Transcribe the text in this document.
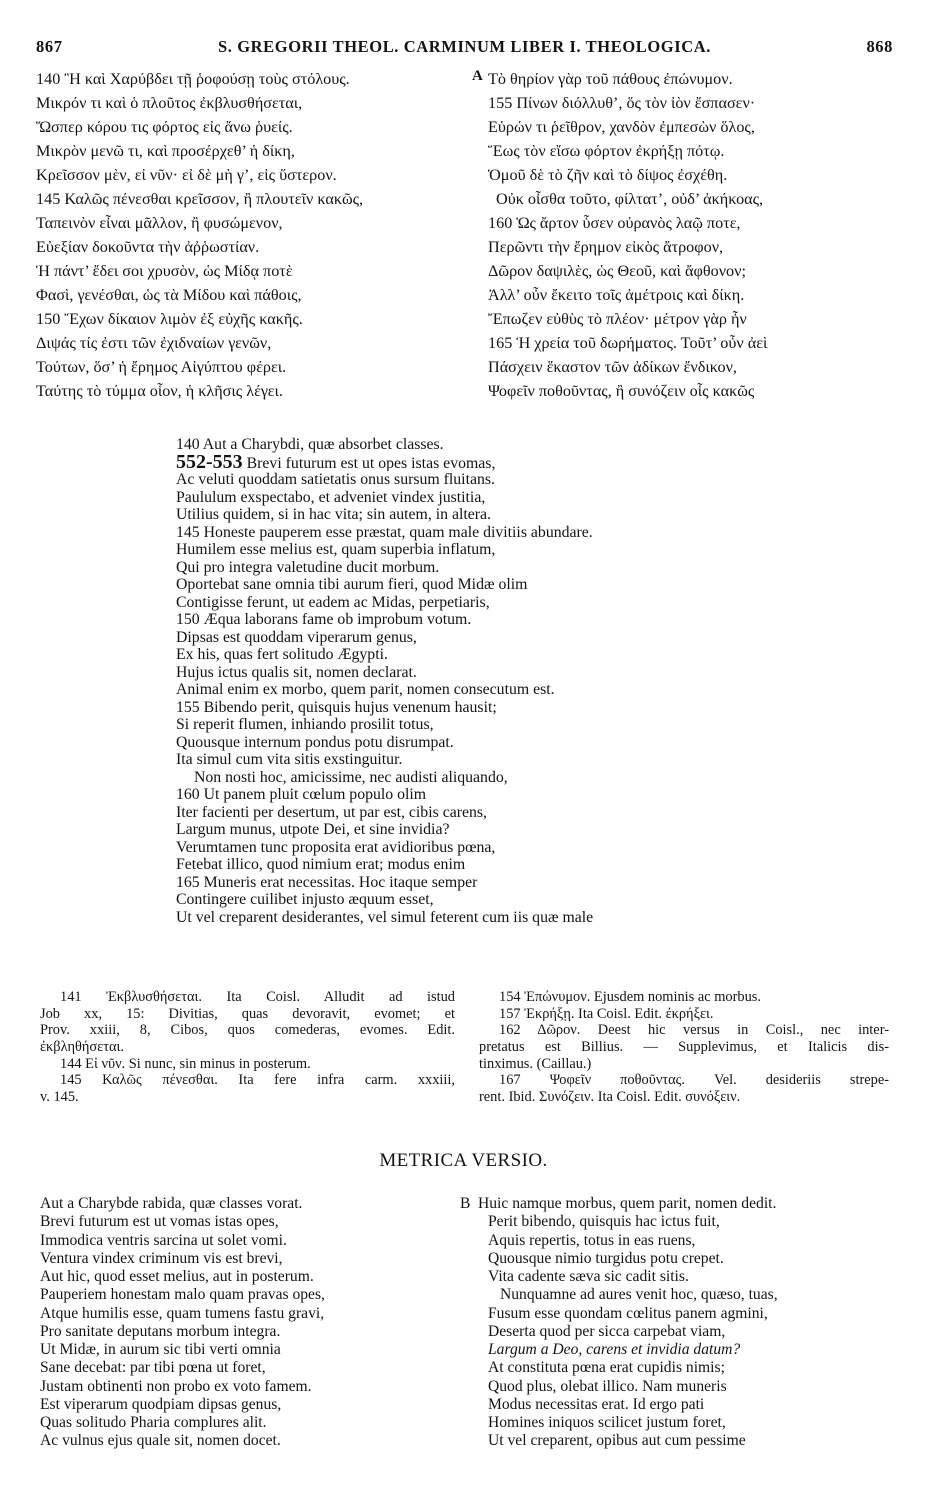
867	S. GREGORII THEOL. CARMINUM LIBER I. THEOLOGICA.	868
140 Ἢ καὶ Χαρύβδει τῇ ῥοφούσῃ τοὺς στόλους.
Μικρόν τι καὶ ὁ πλοῦτος ἐκβλυσθήσεται,
Ὥσπερ κόρου τις φόρτος εἰς ἄνω ῥυείς.
Μικρὸν μενῶ τι, καὶ προσέρχεθ’ ἡ δίκη,
Κρεῖσσον μὲν, εἰ νῦν· εἰ δὲ μὴ γ’, εἰς ὕστερον.
145 Καλῶς πένεσθαι κρεῖσσον, ἢ πλουτεῖν κακῶς,
Ταπεινὸν εἶναι μᾶλλον, ἢ φυσώμενον,
Εὐεξίαν δοκοῦντα τὴν ἀῤῥωστίαν.
Ἡ πάντ’ ἔδει σοι χρυσὸν, ὡς Μίδᾳ ποτὲ
Φασὶ, γενέσθαι, ὡς τὰ Μίδου καὶ πάθοις,
150 Ἔχων δίκαιον λιμὸν ἐξ εὐχῆς κακῆς.
Διψάς τίς ἐστι τῶν ἐχιδναίων γενῶν,
Τούτων, ὅσ’ ἡ ἔρημος Αἰγύπτου φέρει.
Ταύτης τὸ τύμμα οἷον, ἡ κλῆσις λέγει.
A Τὸ θηρίον γὰρ τοῦ πάθους ἐπώνυμον.
155 Πίνων διόλλυθ’, ὅς τὸν ἰὸν ἔσπασεν·
Εὑρών τι ῥεῖθρον, χανδὸν ἐμπεσὼν ὅλος,
Ἕως τὸν εἴσω φόρτον ἐκρήξῃ πότῳ.
Ὁμοῦ δὲ τὸ ζῆν καὶ τὸ δίψος ἐσχέθη.
Οὐκ οἶσθα τοῦτο, φίλτατ’, οὐδ’ ἀκήκοας,
160 Ὡς ἄρτον ὗσεν οὐρανὸς λαῷ ποτε,
Περῶντι τὴν ἔρημον εἰκὸς ἄτροφον,
Δῶρον δαψιλὲς, ὡς Θεοῦ, καὶ ἄφθονον;
Ἀλλ’ οὖν ἔκειτο τοῖς ἀμέτροις καὶ δίκη.
Ἔπωζεν εὐθὺς τὸ πλέον· μέτρον γὰρ ἦν
165 Ἡ χρεία τοῦ δωρήματος. Τοῦτ’ οὖν ἀεὶ
Πάσχειν ἕκαστον τῶν ἀδίκων ἔνδικον,
Ψοφεῖν ποθοῦντας, ἢ συνόζειν οἷς κακῶς
140 Aut a Charybdi, quæ absorbet classes.
552-553 Brevi futurum est ut opes istas evomas,
Ac veluti quoddam satietatis onus sursum fluitans.
Paululum exspectabo, et adveniet vindex justitia,
Utilius quidem, si in hac vita; sin autem, in altera.
145 Honeste pauperem esse præstat, quam male divitiis abundare.
Humilem esse melius est, quam superbia inflatum,
Qui pro integra valetudine ducit morbum.
Oportebat sane omnia tibi aurum fieri, quod Midæ olim
Contigisse ferunt, ut eadem ac Midas, perpetiaris,
150 Æqua laborans fame ob improbum votum.
Dipsas est quoddam viperarum genus,
Ex his, quas fert solitudo Ægypti.
Hujus ictus qualis sit, nomen declarat.
Animal enim ex morbo, quem parit, nomen consecutum est.
155 Bibendo perit, quisquis hujus venenum hausit;
Si reperit flumen, inhiando prosilit totus,
Quousque internum pondus potu disrumpat.
Ita simul cum vita sitis exstinguitur.
Non nosti hoc, amicissime, nec audisti aliquando,
160 Ut panem pluit cœlum populo olim
Iter facienti per desertum, ut par est, cibis carens,
Largum munus, utpote Dei, et sine invidia?
Verumtamen tunc proposita erat avidioribus pœna,
Fetebat illico, quod nimium erat; modus enim
165 Muneris erat necessitas. Hoc itaque semper
Contingere cuilibet injusto æquum esset,
Ut vel creparent desiderantes, vel simul feterent cum iis quæ male
141 Ἐκβλυσθήσεται. Ita Coisl. Alludit ad istud
Job xx, 15: Divitias, quas devoravit, evomet; et
Prov. xxiii, 8, Cibos, quos comederas, evomes. Edit.
ἐκβληθήσεται.
144 Εἰ νῦν. Si nunc, sin minus in posterum.
145 Καλῶς πένεσθαι. Ita fere infra carm. xxxiii,
v. 145.
154 Ἐπώνυμον. Ejusdem nominis ac morbus.
157 Ἐκρήξῃ. Ita Coisl. Edit. ἐκρήξει.
162 Δῶρον. Deest hic versus in Coisl., nec inter-
pretatus est Billius. — Supplevimus, et Italicis dis-
tinximus. (Caillau.)
167 Ψοφεῖν ποθοῦντας. Vel. desideriis strepe-
rent. Ibid. Συνόζειν. Ita Coisl. Edit. συνόξειν.
METRICA VERSIO.
Aut a Charybde rabida, quæ classes vorat.
Brevi futurum est ut vomas istas opes,
Immodica ventris sarcina ut solet vomi.
Ventura vindex criminum vis est brevi,
Aut hic, quod esset melius, aut in posterum.
Pauperiem honestam malo quam pravas opes,
Atque humilis esse, quam tumens fastu gravi,
Pro sanitate deputans morbum integra.
Ut Midæ, in aurum sic tibi verti omnia
Sane decebat: par tibi pœna ut foret,
Justam obtinenti non probo ex voto famem.
Est viperarum quodpiam dipsas genus,
Quas solitudo Pharia complures alit.
Ac vulnus ejus quale sit, nomen docet.
B Huic namque morbus, quem parit, nomen dedit.
Perit bibendo, quisquis hac ictus fuit,
Aquis repertis, totus in eas ruens,
Quousque nimio turgidus potu crepet.
Vita cadente sæva sic cadit sitis.
Nunquamne ad aures venit hoc, quæso, tuas,
Fusum esse quondam cœlitus panem agmini,
Deserta quod per sicca carpebat viam,
Largum a Deo, carens et invidia datum?
At constituta pœna erat cupidis nimis;
Quod plus, olebat illico. Nam muneris
Modus necessitas erat. Id ergo pati
Homines iniquos scilicet justum foret,
Ut vel creparent, opibus aut cum pessime
